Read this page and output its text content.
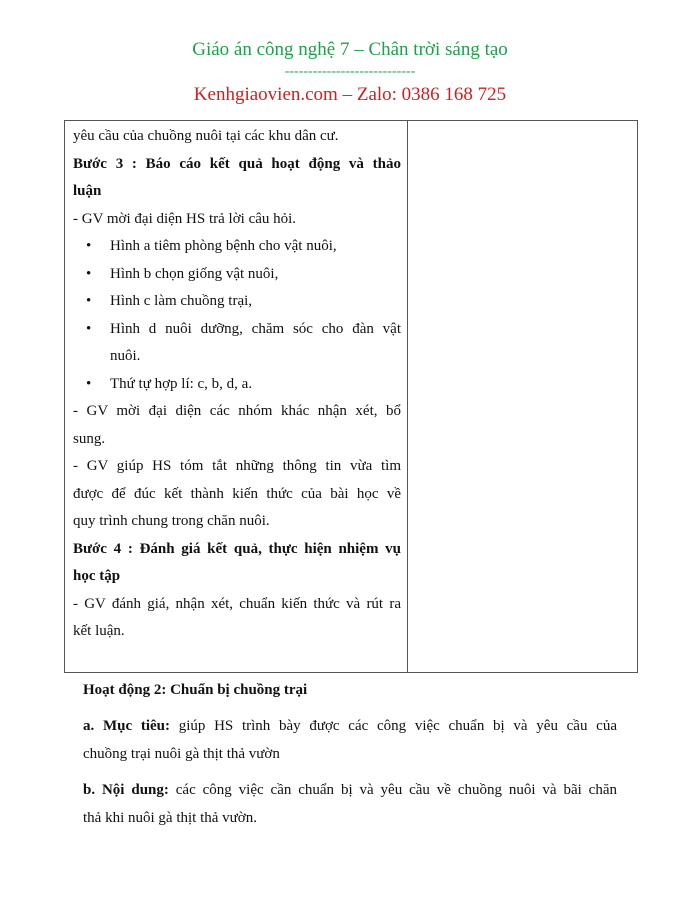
Giáo án công nghệ 7 – Chân trời sáng tạo
----------------------------
Kenhgiaovien.com – Zalo: 0386 168 725
yêu cầu của chuồng nuôi tại các khu dân cư.
Bước 3 : Báo cáo kết quả hoạt động và thảo
luận
- GV mời đại diện HS trả lời câu hỏi.
• Hình a tiêm phòng bệnh cho vật nuôi,
• Hình b chọn giống vật nuôi,
• Hình c làm chuồng trại,
• Hình d nuôi dưỡng, chăm sóc cho đàn vật
nuôi.
• Thứ tự hợp lí: c, b, d, a.
- GV mời đại diện các nhóm khác nhận xét, bổ
sung.
- GV giúp HS tóm tắt những thông tin vừa tìm
được để đúc kết thành kiến thức của bài học về
quy trình chung trong chăn nuôi.
Bước 4 : Đánh giá kết quả, thực hiện nhiệm vụ
học tập
- GV đánh giá, nhận xét, chuẩn kiến thức và rút ra
kết luận.

Hoạt động 2: Chuẩn bị chuồng trại
a. Mục tiêu: giúp HS trình bày được các công việc chuẩn bị và yêu cầu của
chuồng trại nuôi gà thịt thả vườn
b. Nội dung: các công việc cần chuẩn bị và yêu cầu về chuồng nuôi và bãi chăn
thả khi nuôi gà thịt thả vườn.
